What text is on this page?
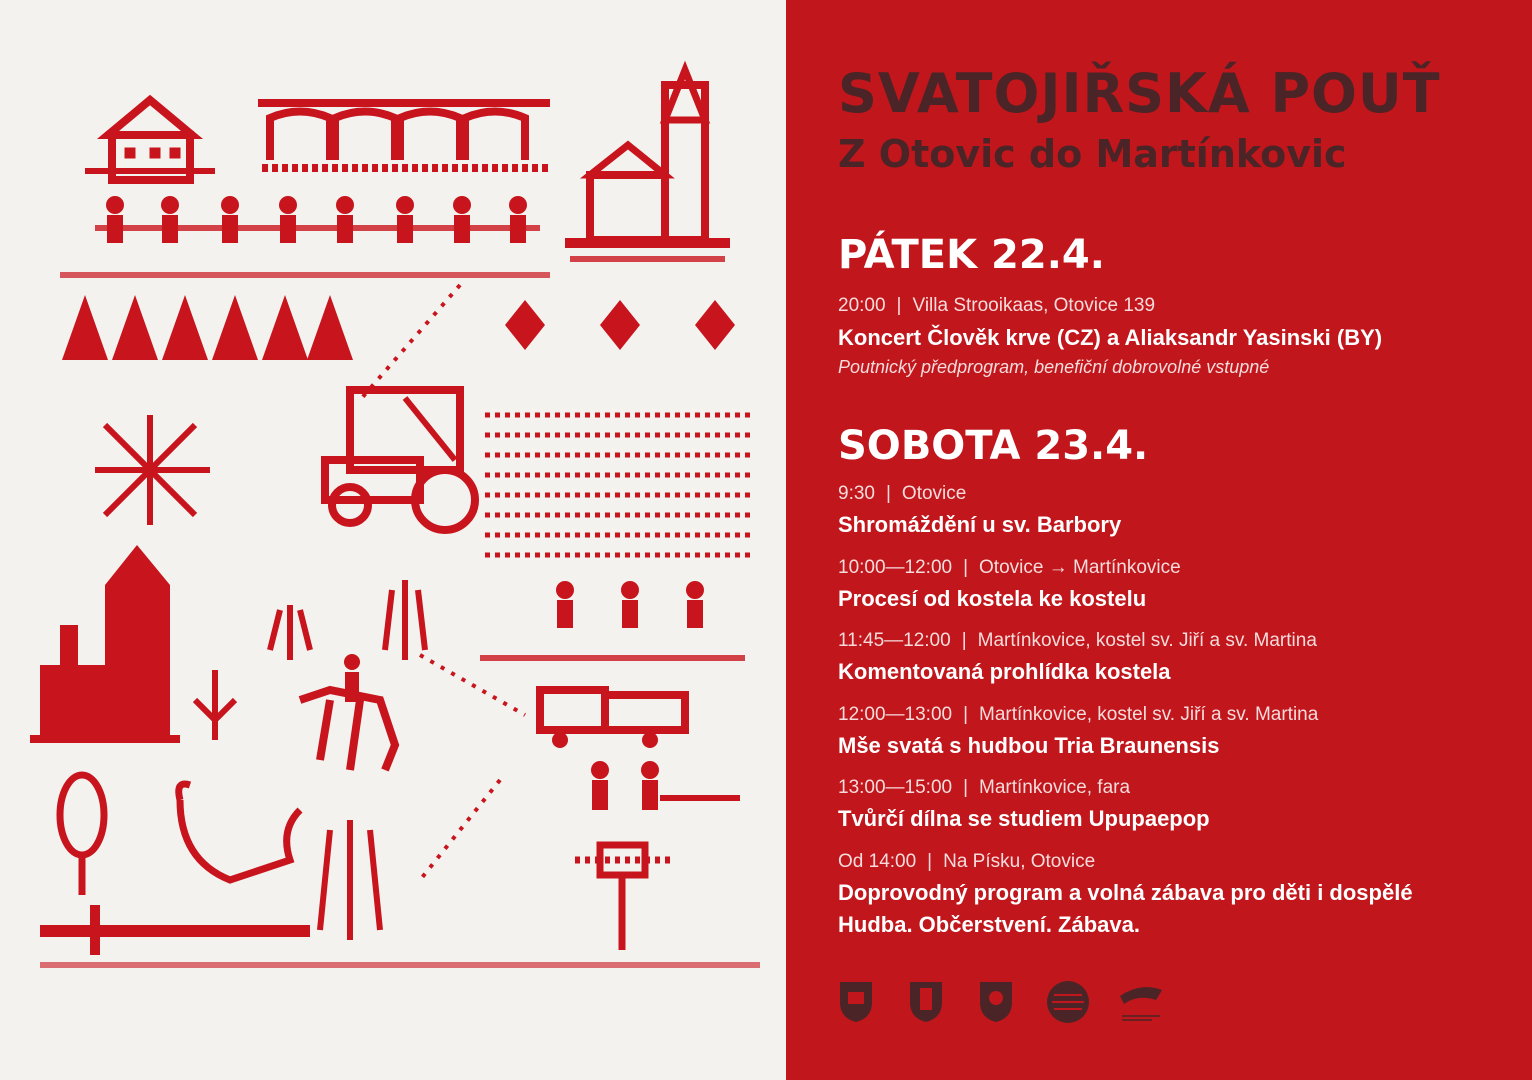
SVATOJIŘSKÁ POUŤ
Z Otovic do Martínkovic
PÁTEK 22.4.
20:00 | Villa Strooikaas, Otovice 139
Koncert Člověk krve (CZ) a Aliaksandr Yasinski (BY)
Poutnický předprogram, benefiční dobrovolné vstupné
SOBOTA 23.4.
9:30 | Otovice
Shromáždění u sv. Barbory
10:00—12:00 | Otovice → Martínkovice
Procesí od kostela ke kostelu
11:45—12:00 | Martínkovice, kostel sv. Jiří a sv. Martina
Komentovaná prohlídka kostela
12:00—13:00 | Martínkovice, kostel sv. Jiří a sv. Martina
Mše svatá s hudbou Tria Braunensis
13:00—15:00 | Martínkovice, fara
Tvůrčí dílna se studiem Upupaepop
Od 14:00 | Na Písku, Otovice
Doprovodný program a volná zábava pro děti i dospělé
Hudba. Občerstvení. Zábava.
